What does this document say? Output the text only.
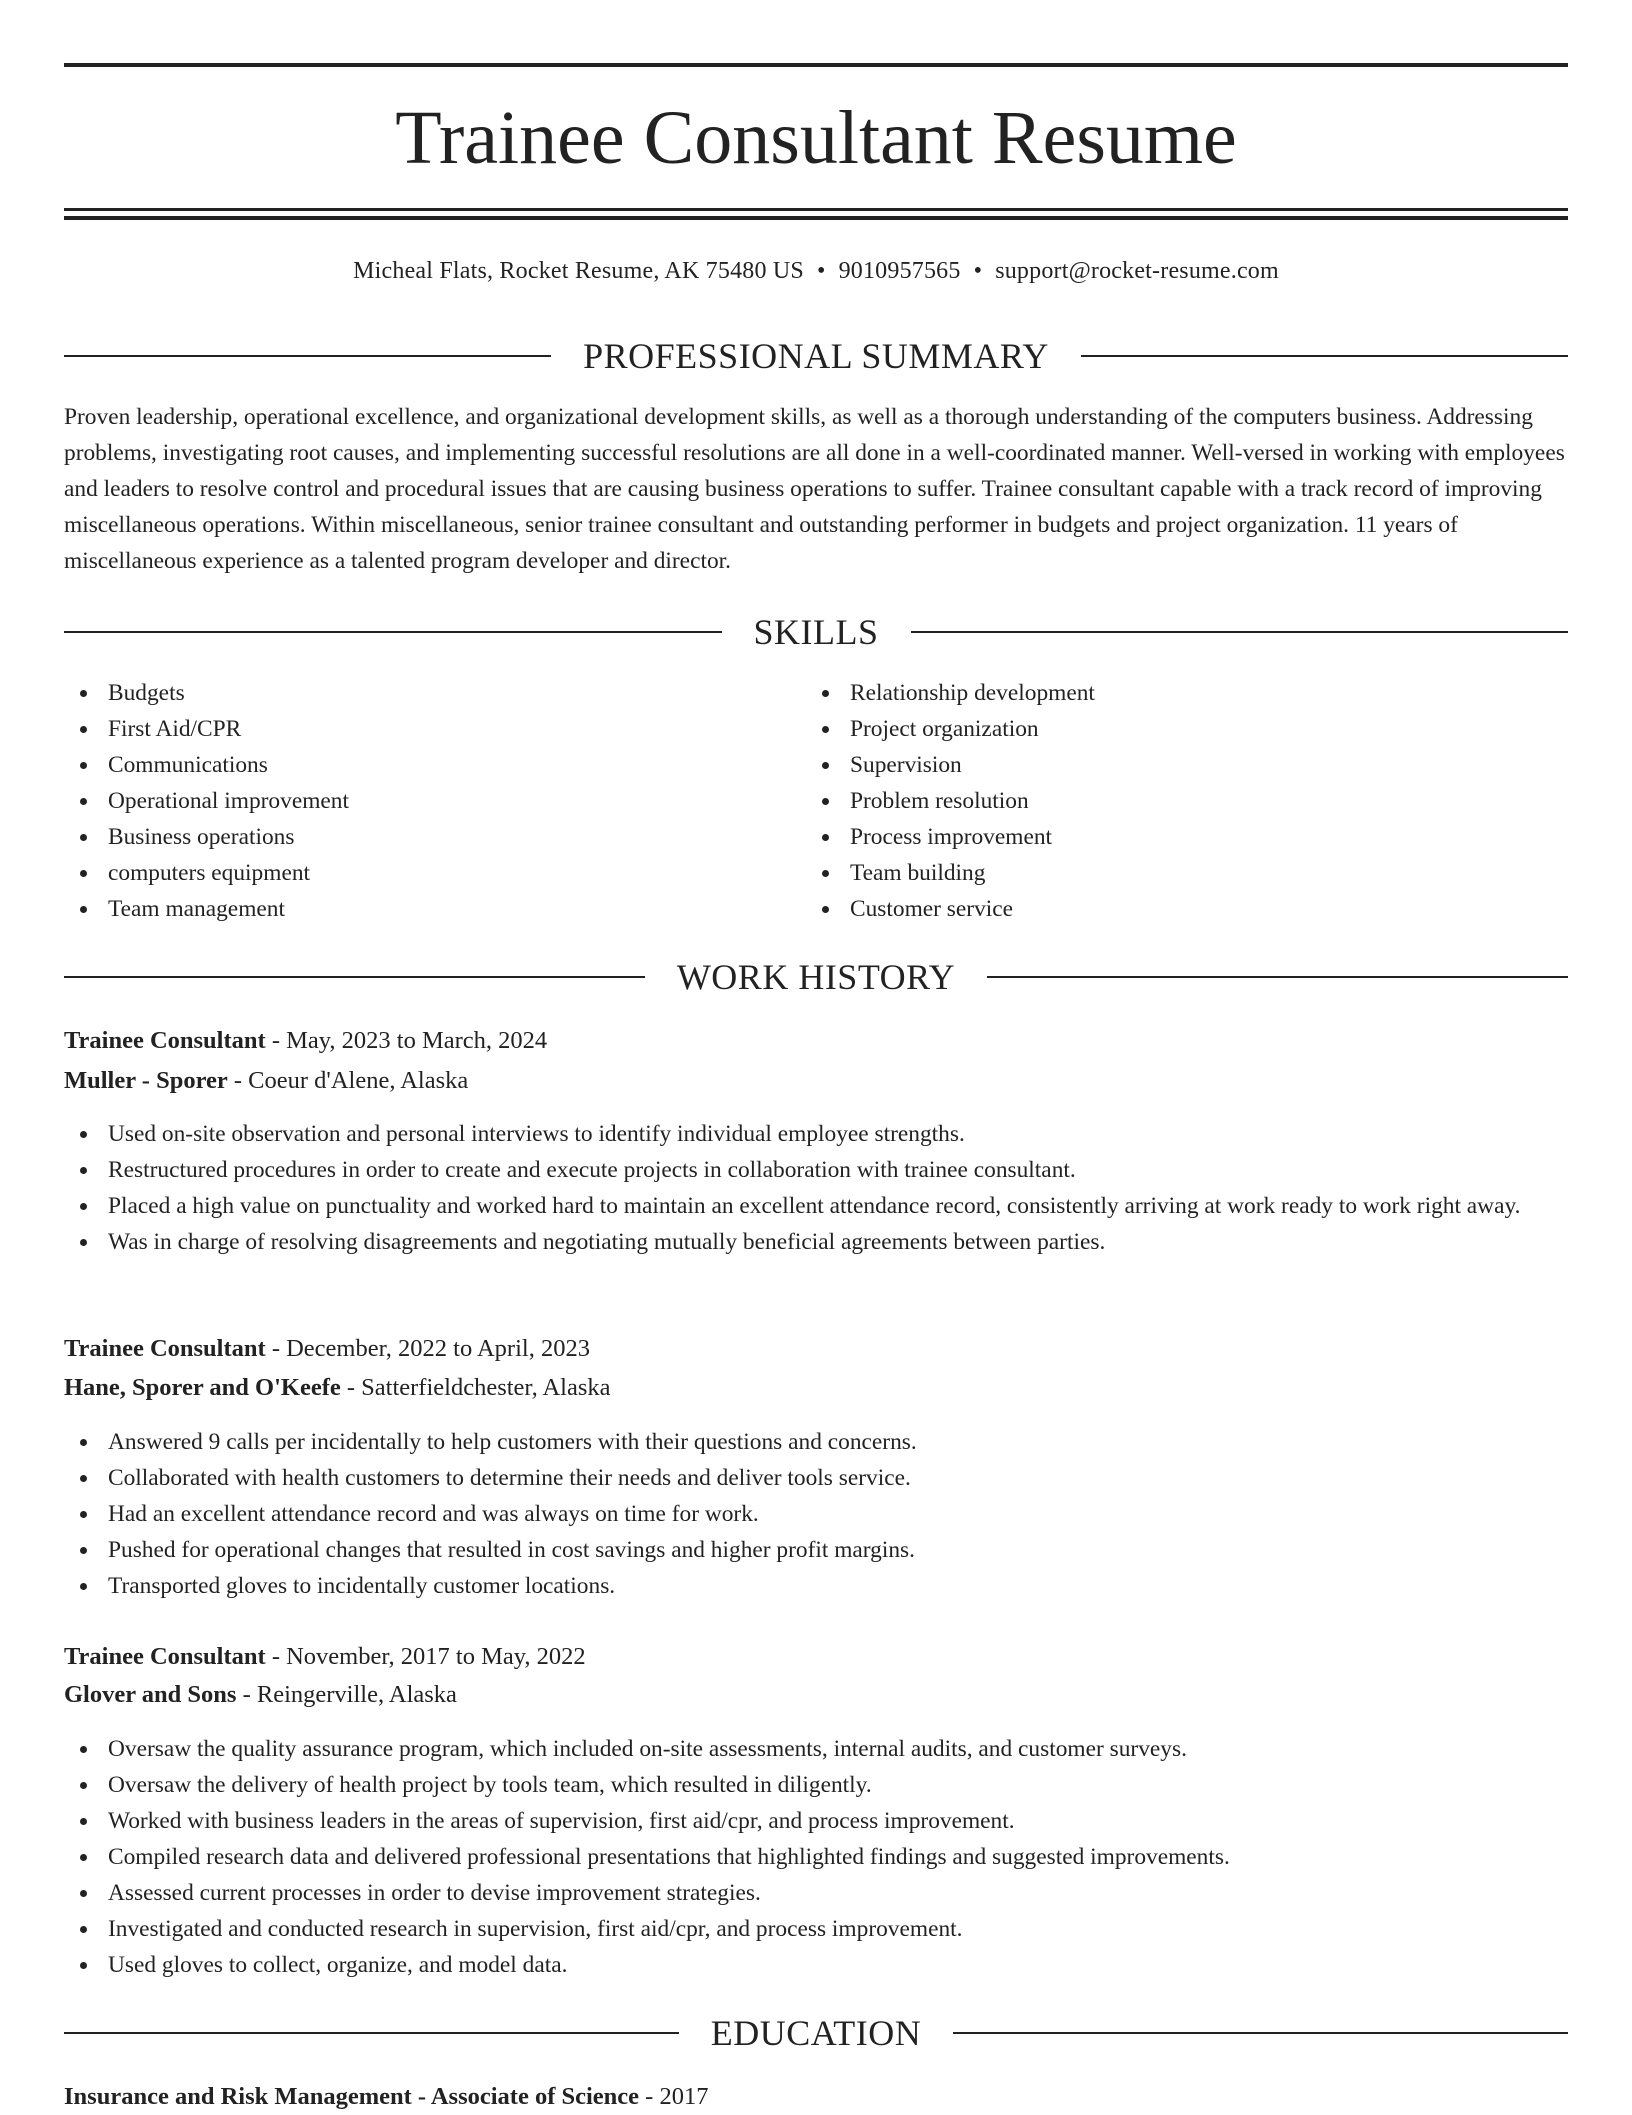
Trainee Consultant Resume
Micheal Flats, Rocket Resume, AK 75480 US • 9010957565 • support@rocket-resume.com
PROFESSIONAL SUMMARY

Proven leadership, operational excellence, and organizational development skills, as well as a thorough understanding of the computers business. Addressing problems, investigating root causes, and implementing successful resolutions are all done in a well-coordinated manner. Well-versed in working with employees and leaders to resolve control and procedural issues that are causing business operations to suffer. Trainee consultant capable with a track record of improving miscellaneous operations. Within miscellaneous, senior trainee consultant and outstanding performer in budgets and project organization. 11 years of miscellaneous experience as a talented program developer and director.

SKILLS
Budgets
First Aid/CPR
Communications
Operational improvement
Business operations
computers equipment
Team management
Relationship development
Project organization
Supervision
Problem resolution
Process improvement
Team building
Customer service
WORK HISTORY
Trainee Consultant - May, 2023 to March, 2024
Muller - Sporer - Coeur d'Alene, Alaska
Used on-site observation and personal interviews to identify individual employee strengths.
Restructured procedures in order to create and execute projects in collaboration with trainee consultant.
Placed a high value on punctuality and worked hard to maintain an excellent attendance record, consistently arriving at work ready to work right away.
Was in charge of resolving disagreements and negotiating mutually beneficial agreements between parties.
Trainee Consultant - December, 2022 to April, 2023
Hane, Sporer and O'Keefe - Satterfieldchester, Alaska
Answered 9 calls per incidentally to help customers with their questions and concerns.
Collaborated with health customers to determine their needs and deliver tools service.
Had an excellent attendance record and was always on time for work.
Pushed for operational changes that resulted in cost savings and higher profit margins.
Transported gloves to incidentally customer locations.
Trainee Consultant - November, 2017 to May, 2022
Glover and Sons - Reingerville, Alaska
Oversaw the quality assurance program, which included on-site assessments, internal audits, and customer surveys.
Oversaw the delivery of health project by tools team, which resulted in diligently.
Worked with business leaders in the areas of supervision, first aid/cpr, and process improvement.
Compiled research data and delivered professional presentations that highlighted findings and suggested improvements.
Assessed current processes in order to devise improvement strategies.
Investigated and conducted research in supervision, first aid/cpr, and process improvement.
Used gloves to collect, organize, and model data.
EDUCATION
Insurance and Risk Management - Associate of Science - 2017
